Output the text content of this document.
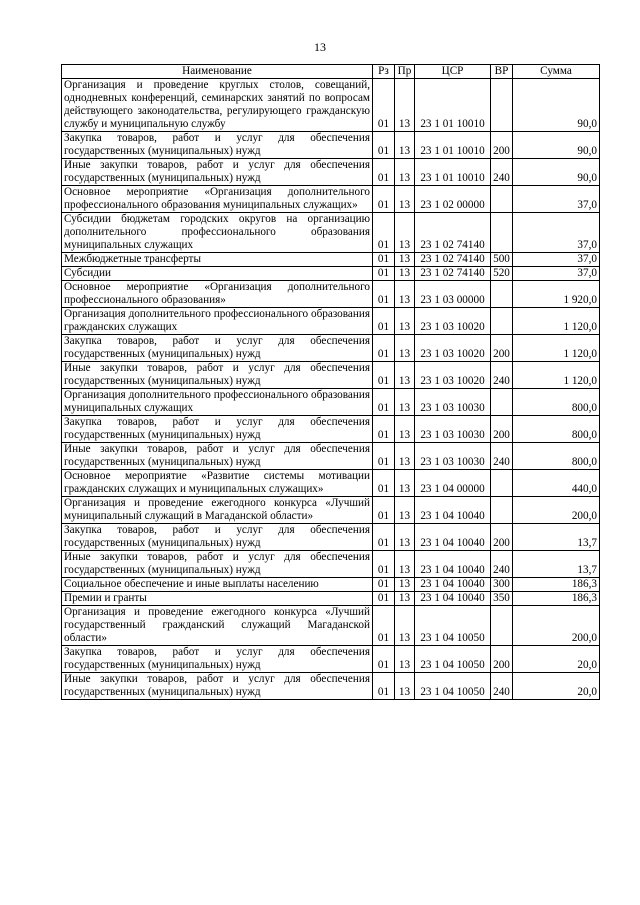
13
Наименование	Рз	Пр	ЦСР	ВР	Сумма
Организация и проведение круглых столов, совещаний, однодневных конференций, семинарских занятий по вопросам действующего законодательства, регулирующего гражданскую службу и муниципальную службу	01	13	23 1 01 10010		90,0
Закупка товаров, работ и услуг для обеспечения государственных (муниципальных) нужд	01	13	23 1 01 10010	200	90,0
Иные закупки товаров, работ и услуг для обеспечения государственных (муниципальных) нужд	01	13	23 1 01 10010	240	90,0
Основное мероприятие «Организация дополнительного профессионального образования муниципальных служащих»	01	13	23 1 02 00000		37,0
Субсидии бюджетам городских округов на организацию дополнительного профессионального образования муниципальных служащих	01	13	23 1 02 74140		37,0
Межбюджетные трансферты	01	13	23 1 02 74140	500	37,0
Субсидии	01	13	23 1 02 74140	520	37,0
Основное мероприятие «Организация дополнительного профессионального образования»	01	13	23 1 03 00000		1 920,0
Организация дополнительного профессионального образования гражданских служащих	01	13	23 1 03 10020		1 120,0
Закупка товаров, работ и услуг для обеспечения государственных (муниципальных) нужд	01	13	23 1 03 10020	200	1 120,0
Иные закупки товаров, работ и услуг для обеспечения государственных (муниципальных) нужд	01	13	23 1 03 10020	240	1 120,0
Организация дополнительного профессионального образования муниципальных служащих	01	13	23 1 03 10030		800,0
Закупка товаров, работ и услуг для обеспечения государственных (муниципальных) нужд	01	13	23 1 03 10030	200	800,0
Иные закупки товаров, работ и услуг для обеспечения государственных (муниципальных) нужд	01	13	23 1 03 10030	240	800,0
Основное мероприятие «Развитие системы мотивации гражданских служащих и муниципальных служащих»	01	13	23 1 04 00000		440,0
Организация и проведение ежегодного конкурса «Лучший муниципальный служащий в Магаданской области»	01	13	23 1 04 10040		200,0
Закупка товаров, работ и услуг для обеспечения государственных (муниципальных) нужд	01	13	23 1 04 10040	200	13,7
Иные закупки товаров, работ и услуг для обеспечения государственных (муниципальных) нужд	01	13	23 1 04 10040	240	13,7
Социальное обеспечение и иные выплаты населению	01	13	23 1 04 10040	300	186,3
Премии и гранты	01	13	23 1 04 10040	350	186,3
Организация и проведение ежегодного конкурса «Лучший государственный гражданский служащий Магаданской области»	01	13	23 1 04 10050		200,0
Закупка товаров, работ и услуг для обеспечения государственных (муниципальных) нужд	01	13	23 1 04 10050	200	20,0
Иные закупки товаров, работ и услуг для обеспечения государственных (муниципальных) нужд	01	13	23 1 04 10050	240	20,0
